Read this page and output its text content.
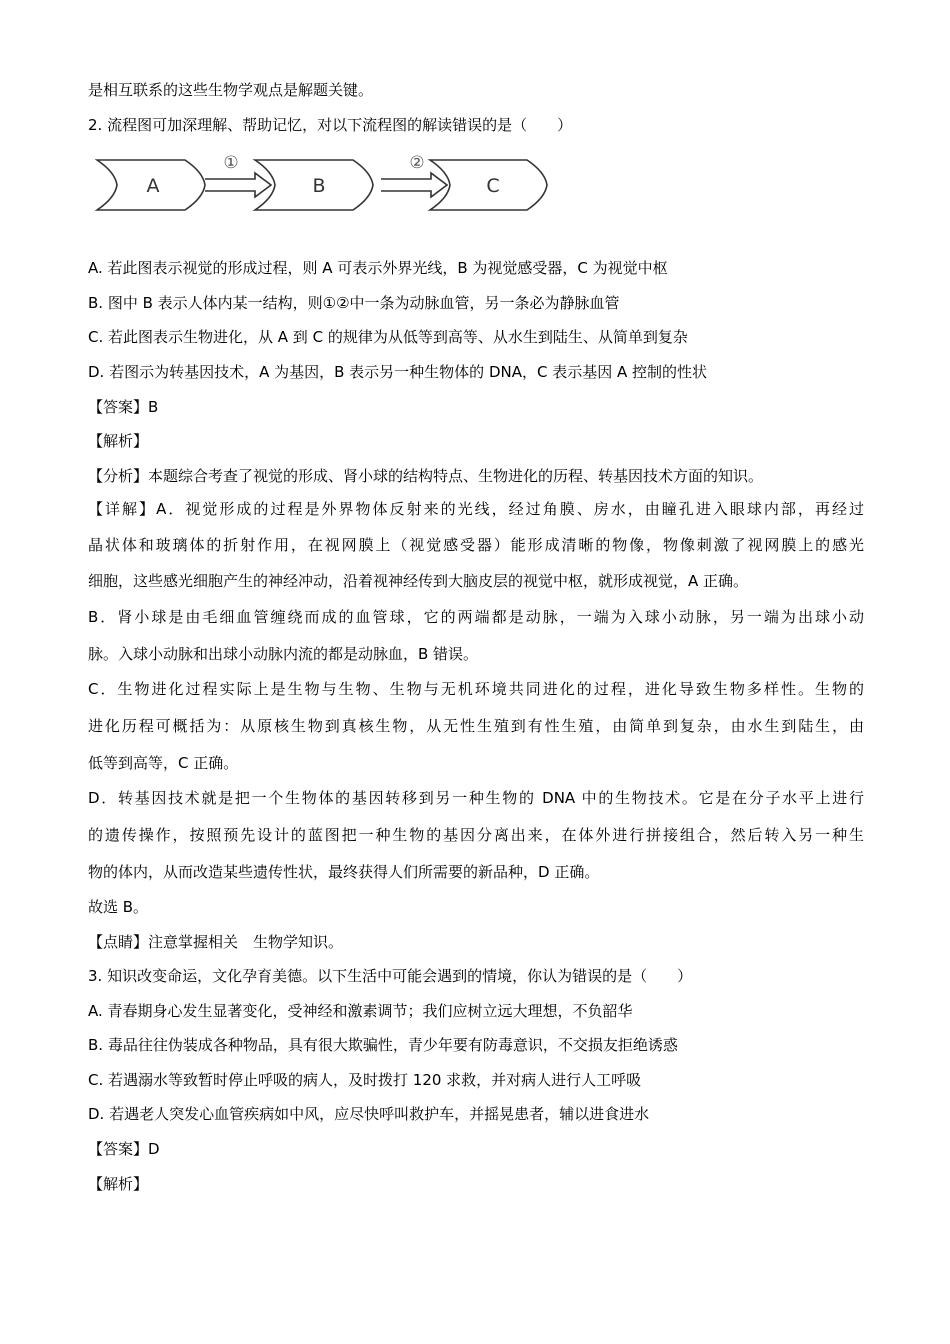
是相互联系的这些生物学观点是解题关键。
2. 流程图可加深理解、帮助记忆，对以下流程图的解读错误的是（　　）
A	B	C
①	②
A. 若此图表示视觉的形成过程，则 A 可表示外界光线，B 为视觉感受器，C 为视觉中枢
B. 图中 B 表示人体内某一结构，则①②中一条为动脉血管，另一条必为静脉血管
C. 若此图表示生物进化，从 A 到 C 的规律为从低等到高等、从水生到陆生、从简单到复杂
D. 若图示为转基因技术，A 为基因，B 表示另一种生物体的 DNA，C 表示基因 A 控制的性状
【答案】B
【解析】
【分析】本题综合考查了视觉的形成、肾小球的结构特点、生物进化的历程、转基因技术方面的知识。
【详解】A．视觉形成的过程是外界物体反射来的光线，经过角膜、房水，由瞳孔进入眼球内部，再经过
晶状体和玻璃体的折射作用，在视网膜上（视觉感受器）能形成清晰的物像，物像刺激了视网膜上的感光
细胞，这些感光细胞产生的神经冲动，沿着视神经传到大脑皮层的视觉中枢，就形成视觉，A 正确。
B．肾小球是由毛细血管缠绕而成的血管球，它的两端都是动脉，一端为入球小动脉，另一端为出球小动
脉。入球小动脉和出球小动脉内流的都是动脉血，B 错误。
C．生物进化过程实际上是生物与生物、生物与无机环境共同进化的过程，进化导致生物多样性。生物的
进化历程可概括为：从原核生物到真核生物，从无性生殖到有性生殖，由简单到复杂，由水生到陆生，由
低等到高等，C 正确。
D．转基因技术就是把一个生物体的基因转移到另一种生物的 DNA 中的生物技术。它是在分子水平上进行
的遗传操作，按照预先设计的蓝图把一种生物的基因分离出来，在体外进行拼接组合，然后转入另一种生
物的体内，从而改造某些遗传性状，最终获得人们所需要的新品种，D 正确。
故选 B。
【点睛】注意掌握相关　生物学知识。
3. 知识改变命运，文化孕育美德。以下生活中可能会遇到的情境，你认为错误的是（　　）
A. 青春期身心发生显著变化，受神经和激素调节；我们应树立远大理想，不负韶华
B. 毒品往往伪装成各种物品，具有很大欺骗性，青少年要有防毒意识，不交损友拒绝诱惑
C. 若遇溺水等致暂时停止呼吸的病人，及时拨打 120 求救，并对病人进行人工呼吸
D. 若遇老人突发心血管疾病如中风，应尽快呼叫救护车，并摇晃患者，辅以进食进水
【答案】D
【解析】
